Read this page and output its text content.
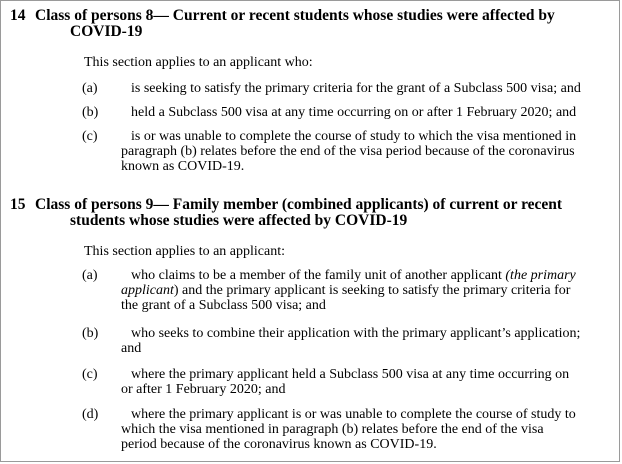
14 Class of persons 8— Current or recent students whose studies were affected by
COVID-19
This section applies to an applicant who:
(a) is seeking to satisfy the primary criteria for the grant of a Subclass 500 visa; and
(b) held a Subclass 500 visa at any time occurring on or after 1 February 2020; and
(c) is or was unable to complete the course of study to which the visa mentioned in
paragraph (b) relates before the end of the visa period because of the coronavirus
known as COVID-19.
15 Class of persons 9— Family member (combined applicants) of current or recent
students whose studies were affected by COVID-19
This section applies to an applicant:
(a) who claims to be a member of the family unit of another applicant (the primary
applicant) and the primary applicant is seeking to satisfy the primary criteria for
the grant of a Subclass 500 visa; and
(b) who seeks to combine their application with the primary applicant’s application;
and
(c) where the primary applicant held a Subclass 500 visa at any time occurring on
or after 1 February 2020; and
(d) where the primary applicant is or was unable to complete the course of study to
which the visa mentioned in paragraph (b) relates before the end of the visa
period because of the coronavirus known as COVID-19.
